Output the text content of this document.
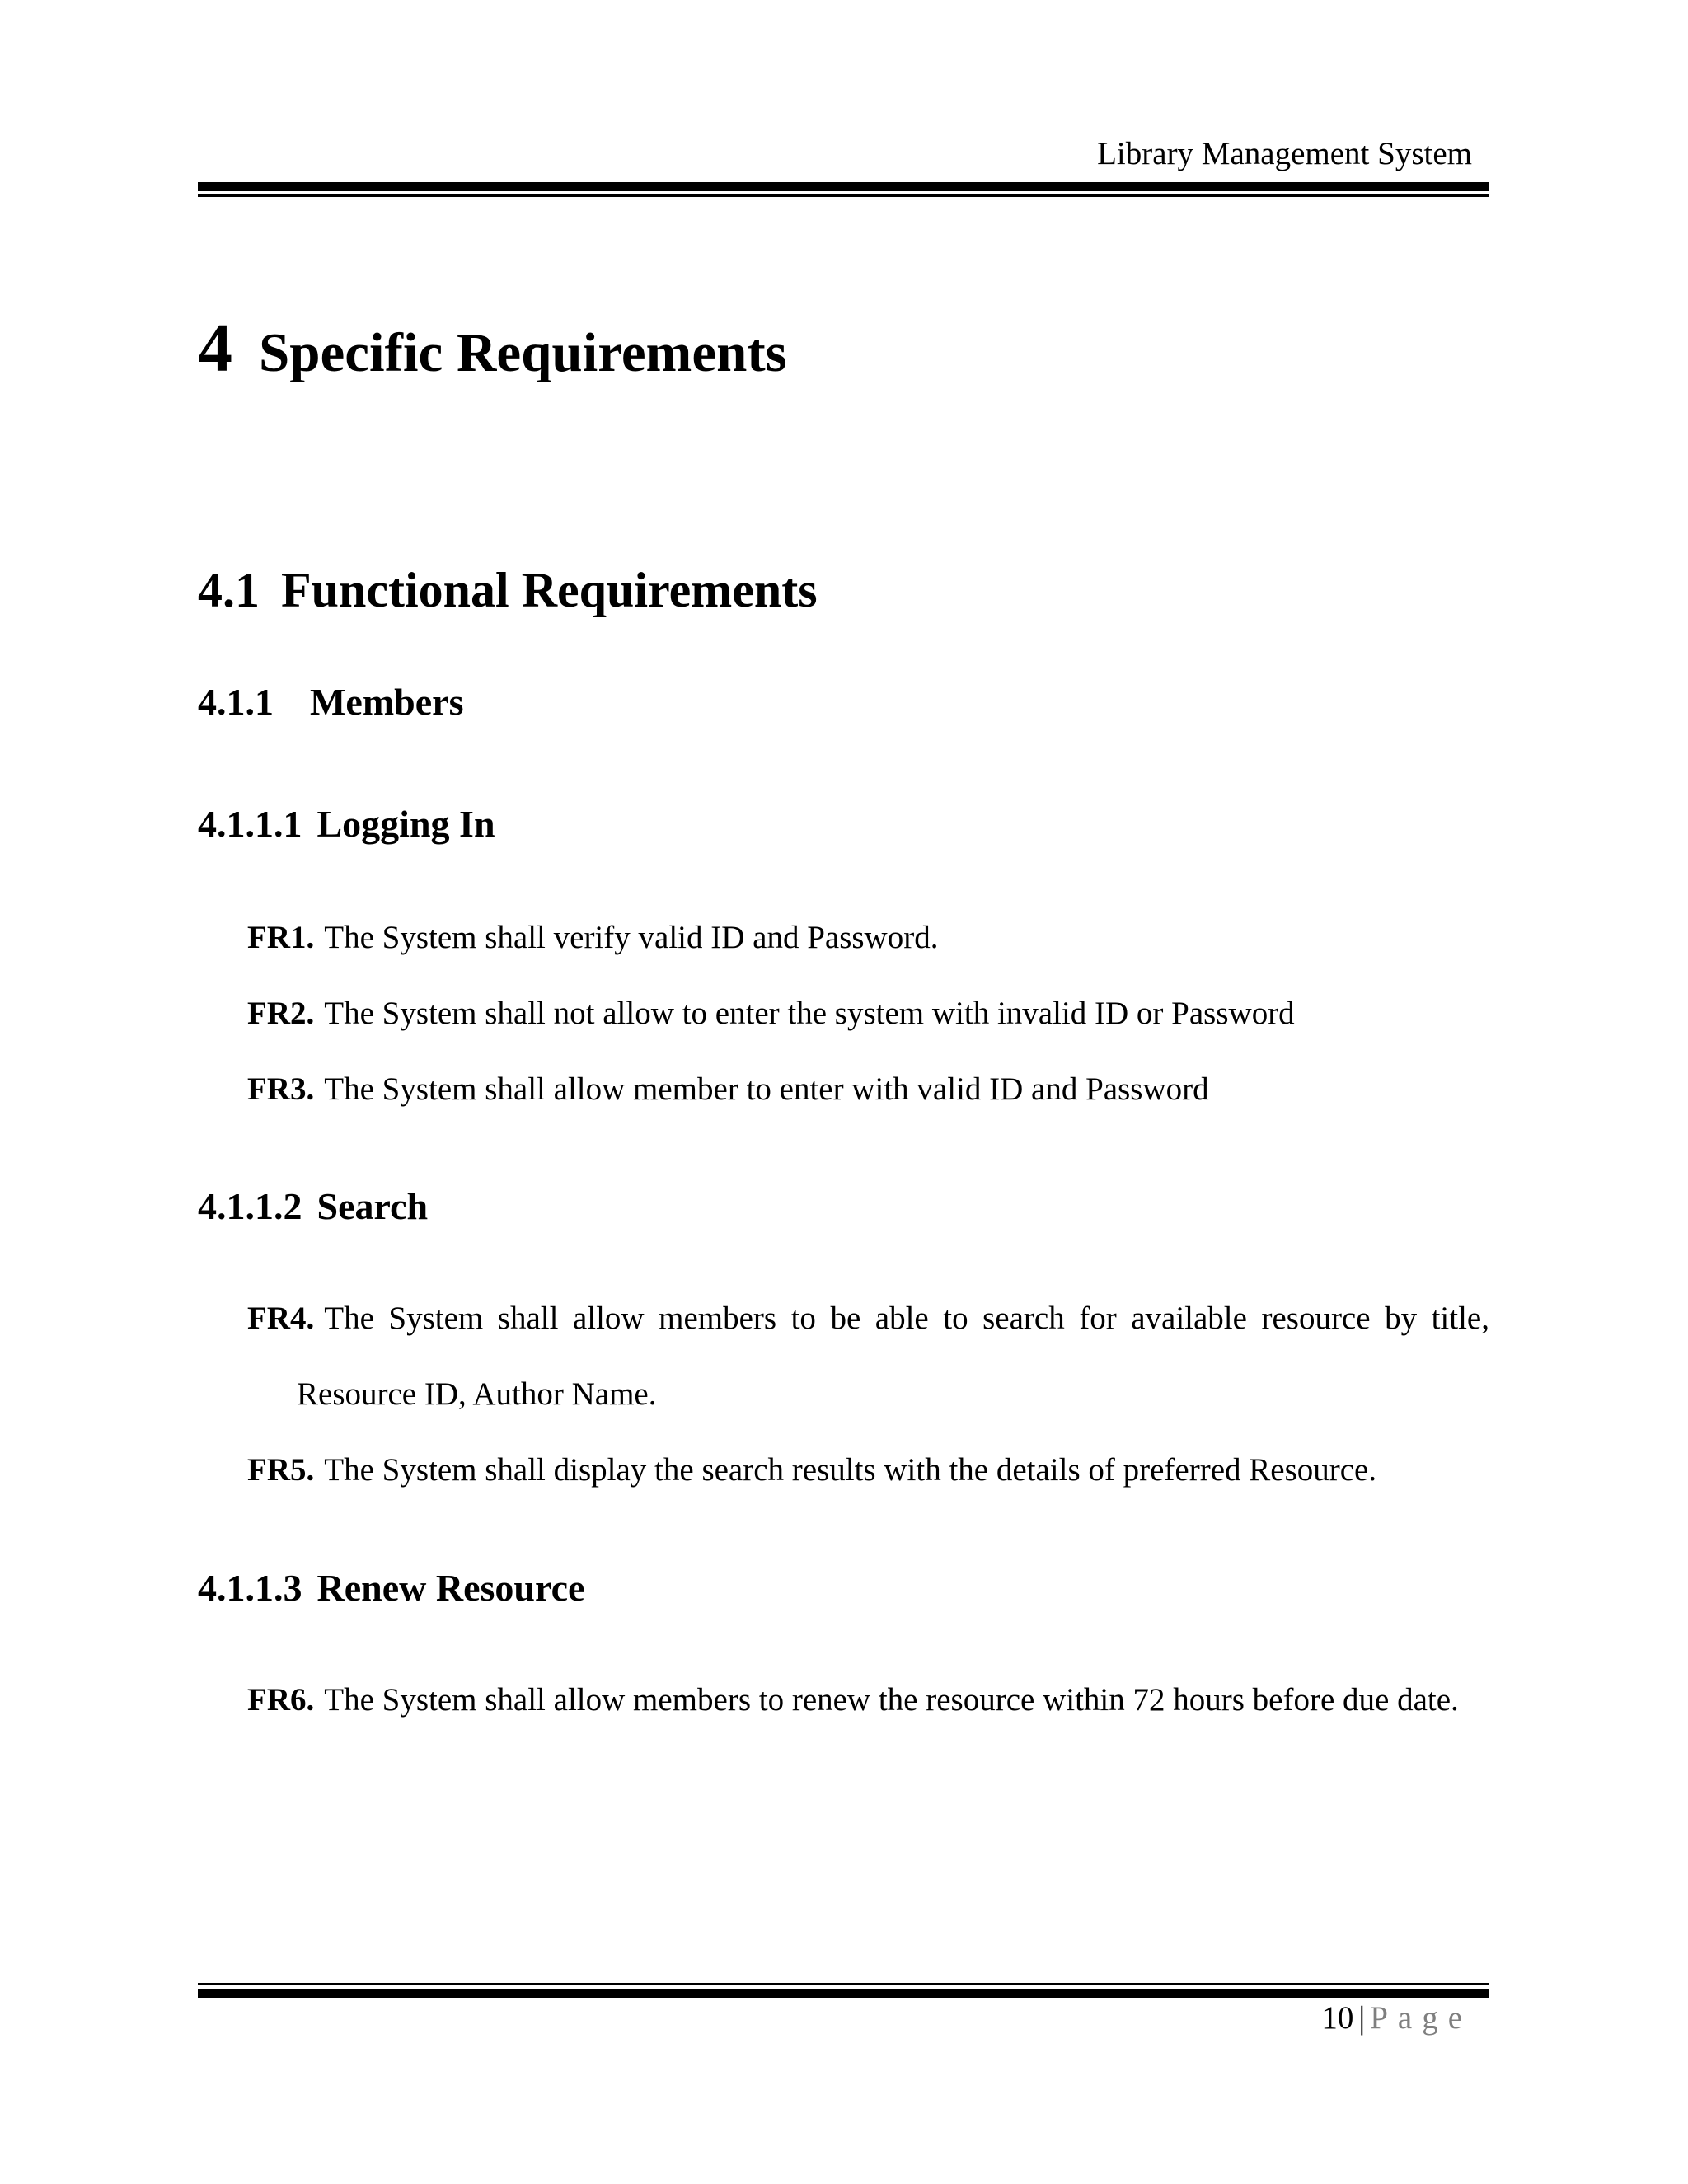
Library Management System
4 Specific Requirements
4.1 Functional Requirements
4.1.1 Members
4.1.1.1 Logging In
FR1. The System shall verify valid ID and Password.
FR2. The System shall not allow to enter the system with invalid ID or Password
FR3. The System shall allow member to enter with valid ID and Password
4.1.1.2 Search
FR4. The System shall allow members to be able to search for available resource by title,
Resource ID, Author Name.
FR5. The System shall display the search results with the details of preferred Resource.
4.1.1.3 Renew Resource
FR6. The System shall allow members to renew the resource within 72 hours before due date.
10 | Page
